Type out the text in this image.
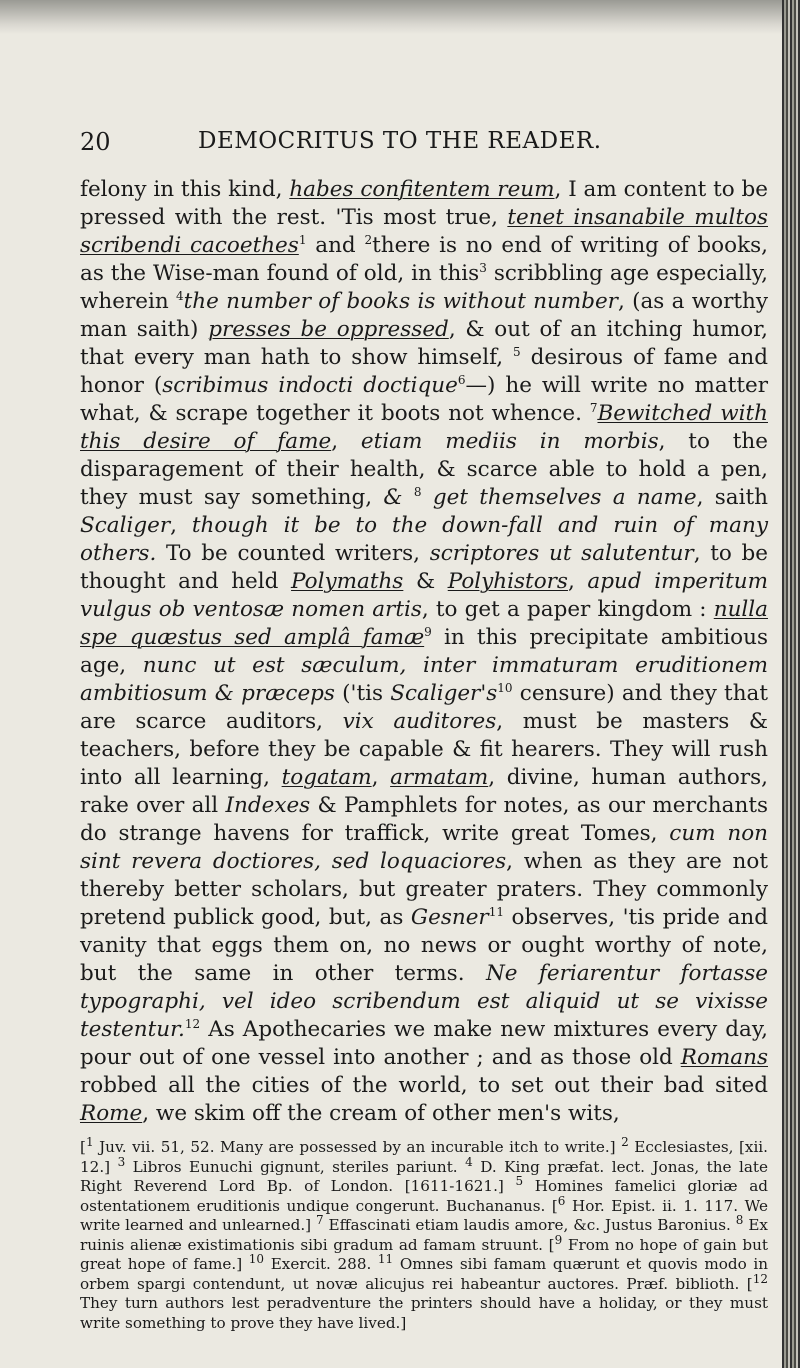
20	DEMOCRITUS TO THE READER.

felony in this kind, habes confitentem reum, I am content to be pressed with the rest. 'Tis most true, tenet insanabile multos scribendi cacoethes$^1$ and $^2$there is no end of writing of books, as the Wise-man found of old, in this$^3$ scribbling age especially, wherein $^4$the number of books is without number, (as a worthy man saith) presses be oppressed, & out of an itching humor, that every man hath to show himself, $^5$ desirous of fame and honor (scribimus indocti doctique$^6$—) he will write no matter what, & scrape together it boots not whence. $^7$Bewitched with this desire of fame, etiam mediis in morbis, to the disparagement of their health, & scarce able to hold a pen, they must say something, & $^8$ get themselves a name, saith Scaliger, though it be to the down-fall and ruin of many others. To be counted writers, scriptores ut salutentur, to be thought and held Polymaths & Polyhistors, apud imperitum vulgus ob ventosæ nomen artis, to get a paper kingdom : nulla spe quæstus sed amplâ famæ$^9$ in this precipitate ambitious age, nunc ut est sæculum, inter immaturam eruditionem ambitiosum & præceps ('tis $Scaliger's^{10}$ censure) and they that are scarce auditors, vix auditores, must be masters & teachers, before they be capable & fit hearers. They will rush into all learning, togatam, armatam, divine, human authors, rake over all Indexes & Pamphlets for notes, as our merchants do strange havens for traffick, write great Tomes, cum non sint revera doctiores, sed loquaciores, when as they are not thereby better scholars, but greater praters. They commonly pretend publick good, but, as Gesner$^{11}$ observes, 'tis pride and vanity that eggs them on, no news or ought worthy of note, but the same in other terms. Ne feriarentur fortasse typographi, vel ideo scribendum est aliquid ut se vixisse testentur.$^{12}$ As Apothecaries we make new mixtures every day, pour out of one vessel into another ; and as those old Romans robbed all the cities of the world, to set out their bad sited Rome, we skim off the cream of other men's wits,

[$^1$ Juv. vii. 51, 52. Many are possessed by an incurable itch to write.] $^2$ Ecclesiastes, [xii. 12.] $^3$ Libros Eunuchi gignunt, steriles pariunt. $^4$ D. King præfat. lect. Jonas, the late Right Reverend Lord Bp. of London. [1611-1621.] $^5$ Homines famelici gloriæ ad ostentationem eruditionis undique congerunt. Buchananus. [$^6$ Hor. Epist. ii. 1. 117. We write learned and unlearned.] $^7$ Effascinati etiam laudis amore, &c. Justus Baronius. $^8$ Ex ruinis alienæ existimationis sibi gradum ad famam struunt. [$^9$ From no hope of gain but great hope of fame.] $^{10}$ Exercit. 288. $^{11}$ Omnes sibi famam quærunt et quovis modo in orbem spargi contendunt, ut novæ alicujus rei habeantur auctores. Præf. biblioth. [$^{12}$ They turn authors lest peradventure the printers should have a holiday, or they must write something to prove they have lived.]
